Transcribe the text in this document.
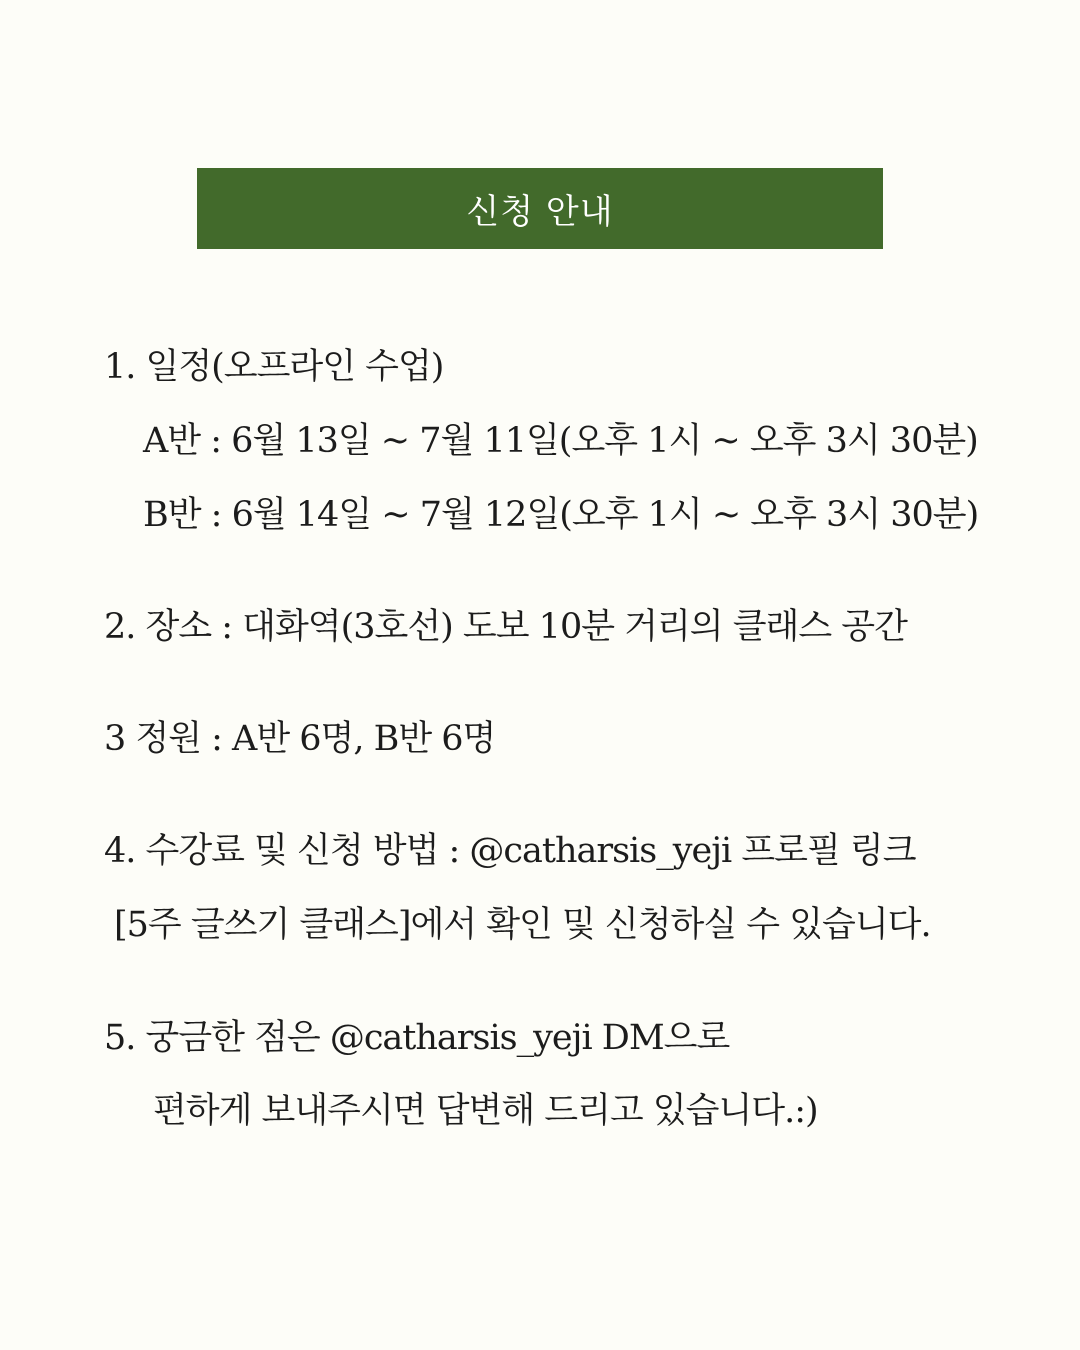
신청 안내
1. 일정(오프라인 수업)
A반 : 6월 13일 ~ 7월 11일(오후 1시 ~ 오후 3시 30분)
B반 : 6월 14일 ~ 7월 12일(오후 1시 ~ 오후 3시 30분)
2. 장소 : 대화역(3호선) 도보 10분 거리의 클래스 공간
3 정원 : A반 6명, B반 6명
4. 수강료 및 신청 방법 : @catharsis_yeji 프로필 링크
[5주 글쓰기 클래스]에서 확인 및 신청하실 수 있습니다.
5. 궁금한 점은 @catharsis_yeji DM으로
편하게 보내주시면 답변해 드리고 있습니다.:)
